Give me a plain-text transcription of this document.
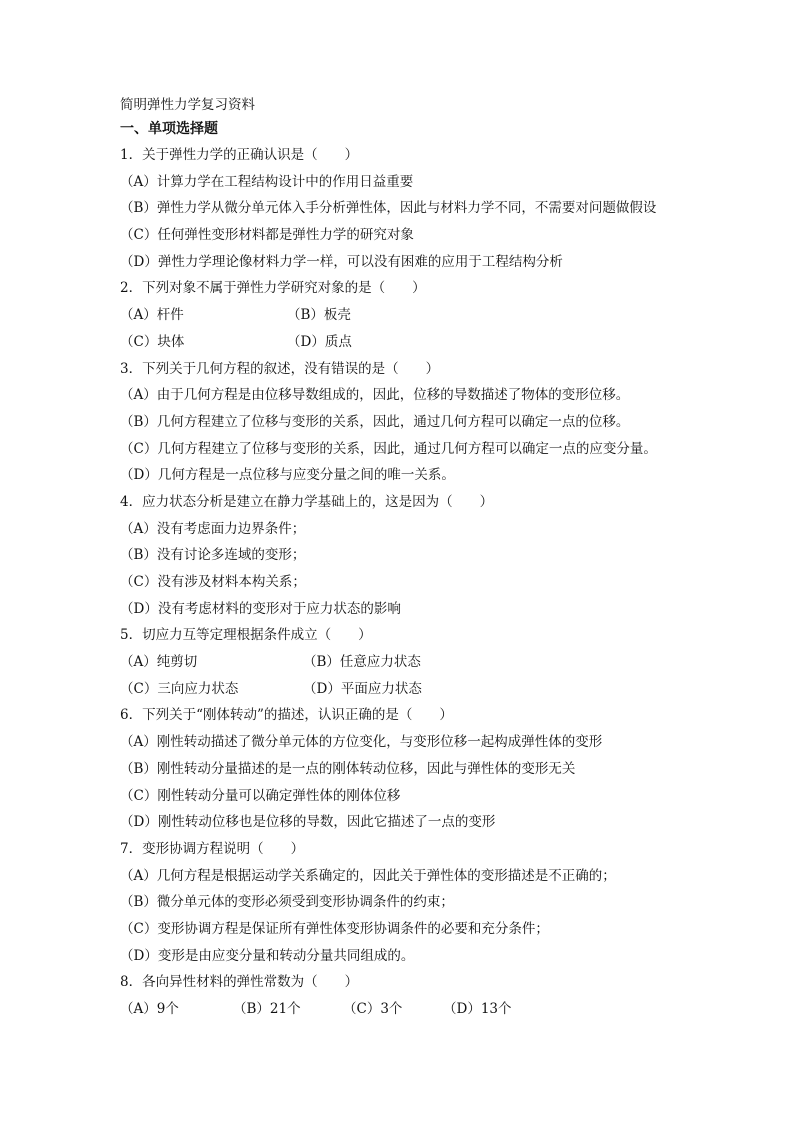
简明弹性力学复习资料
一、单项选择题
1．关于弹性力学的正确认识是（　　）
（A）计算力学在工程结构设计中的作用日益重要
（B）弹性力学从微分单元体入手分析弹性体，因此与材料力学不同，不需要对问题做假设
（C）任何弹性变形材料都是弹性力学的研究对象
（D）弹性力学理论像材料力学一样，可以没有困难的应用于工程结构分析
2．下列对象不属于弹性力学研究对象的是（　　）
（A）杆件	（B）板壳
（C）块体	（D）质点
3．下列关于几何方程的叙述，没有错误的是（　　）
（A）由于几何方程是由位移导数组成的，因此，位移的导数描述了物体的变形位移。
（B）几何方程建立了位移与变形的关系，因此，通过几何方程可以确定一点的位移。
（C）几何方程建立了位移与变形的关系，因此，通过几何方程可以确定一点的应变分量。
（D）几何方程是一点位移与应变分量之间的唯一关系。
4．应力状态分析是建立在静力学基础上的，这是因为（　　）
（A）没有考虑面力边界条件；
（B）没有讨论多连域的变形；
（C）没有涉及材料本构关系；
（D）没有考虑材料的变形对于应力状态的影响
5．切应力互等定理根据条件成立（　　）
（A）纯剪切	（B）任意应力状态
（C）三向应力状态	（D）平面应力状态
6．下列关于“刚体转动”的描述，认识正确的是（　　）
（A）刚性转动描述了微分单元体的方位变化，与变形位移一起构成弹性体的变形
（B）刚性转动分量描述的是一点的刚体转动位移，因此与弹性体的变形无关
（C）刚性转动分量可以确定弹性体的刚体位移
（D）刚性转动位移也是位移的导数，因此它描述了一点的变形
7．变形协调方程说明（　　）
（A）几何方程是根据运动学关系确定的，因此关于弹性体的变形描述是不正确的；
（B）微分单元体的变形必须受到变形协调条件的约束；
（C）变形协调方程是保证所有弹性体变形协调条件的必要和充分条件；
（D）变形是由应变分量和转动分量共同组成的。
8．各向异性材料的弹性常数为（　　）
（A）9个	（B）21个	（C）3个	（D）13个
